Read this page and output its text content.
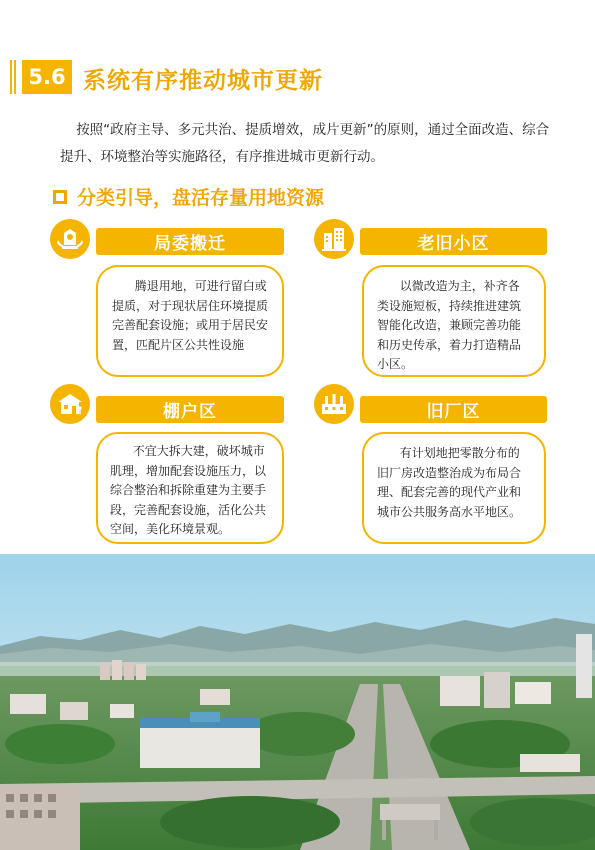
5.6 系统有序推动城市更新

按照“政府主导、多元共治、提质增效，成片更新”的原则，通过全面改造、综合提升、环境整治等实施路径，有序推进城市更新行动。

分类引导，盘活存量用地资源
局委搬迁

腾退用地，可进行留白或提质，对于现状居住环境提质完善配套设施；或用于居民安置，匹配片区公共性设施

老旧小区

以微改造为主，补齐各类设施短板，持续推进建筑智能化改造，兼顾完善功能和历史传承，着力打造精品小区。

棚户区

不宜大拆大建，破坏城市肌理，增加配套设施压力，以综合整治和拆除重建为主要手段，完善配套设施，活化公共空间，美化环境景观。

旧厂区

有计划地把零散分布的旧厂房改造整治成为布局合理、配套完善的现代产业和城市公共服务高水平地区。
